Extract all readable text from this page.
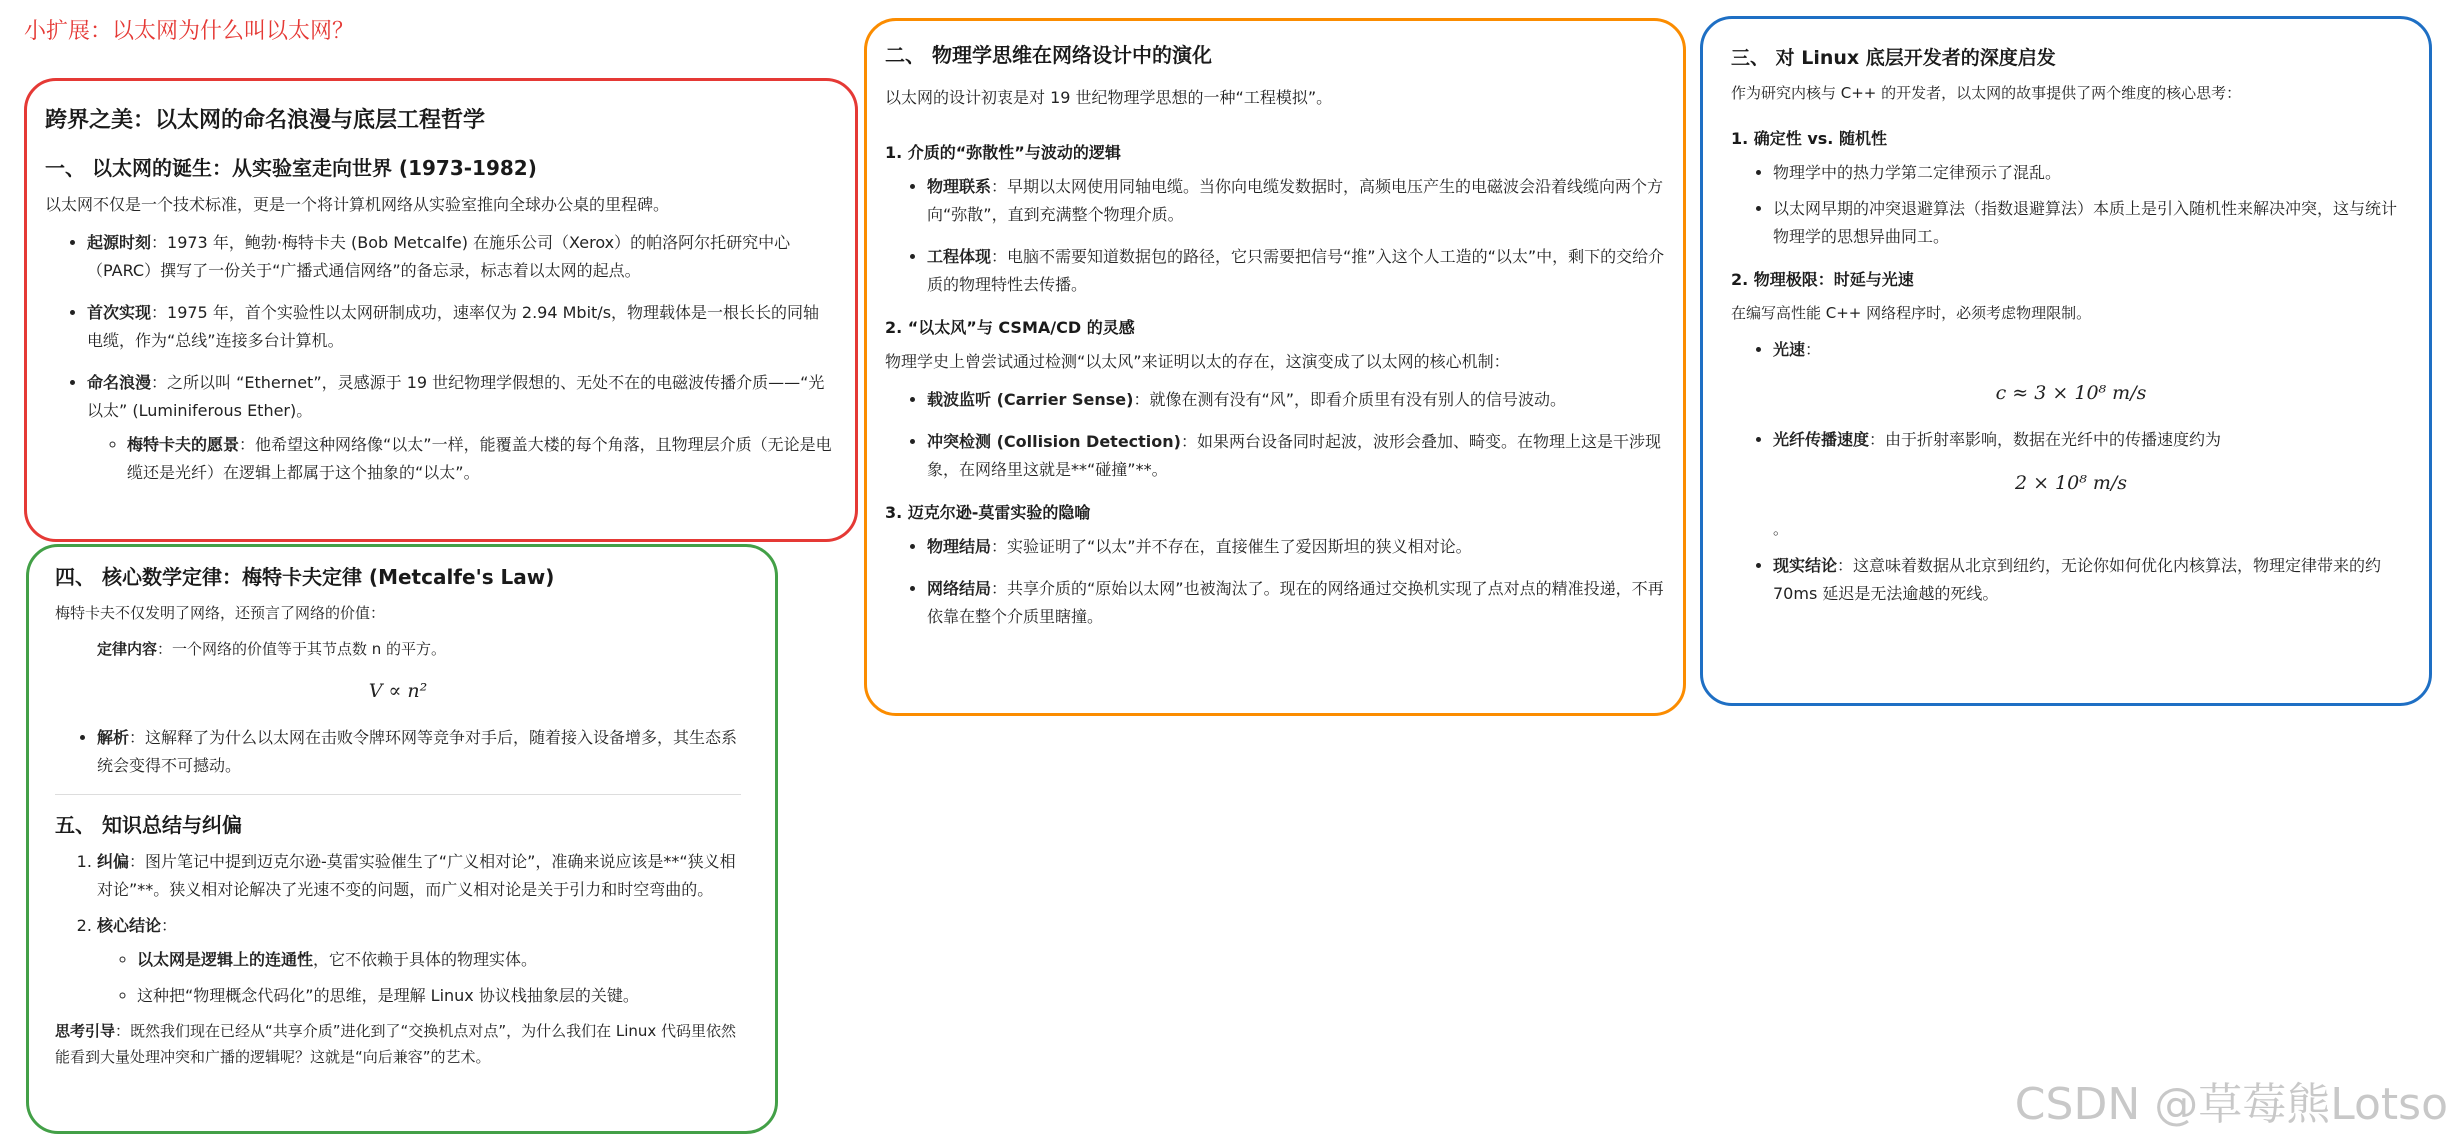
小扩展：以太网为什么叫以太网？
跨界之美：以太网的命名浪漫与底层工程哲学
一、 以太网的诞生：从实验室走向世界 (1973-1982)

以太网不仅是一个技术标准，更是一个将计算机网络从实验室推向全球办公桌的里程碑。

• 起源时刻：1973 年，鲍勃·梅特卡夫 (Bob Metcalfe) 在施乐公司（Xerox）的帕洛阿尔托研究中心（PARC）撰写了一份关于“广播式通信网络”的备忘录，标志着以太网的起点。
• 首次实现：1975 年，首个实验性以太网研制成功，速率仅为 2.94 Mbit/s，物理载体是一根长长的同轴电缆，作为“总线”连接多台计算机。
• 命名浪漫：之所以叫 “Ethernet”，灵感源于 19 世纪物理学假想的、无处不在的电磁波传播介质——“光以太” (Luminiferous Ether)。
◦ 梅特卡夫的愿景：他希望这种网络像“以太”一样，能覆盖大楼的每个角落，且物理层介质（无论是电缆还是光纤）在逻辑上都属于这个抽象的“以太”。
四、 核心数学定律：梅特卡夫定律 (Metcalfe's Law)

梅特卡夫不仅发明了网络，还预言了网络的价值：

定律内容：一个网络的价值等于其节点数 n 的平方。

V ∝ n²
• 解析：这解释了为什么以太网在击败令牌环网等竞争对手后，随着接入设备增多，其生态系统会变得不可撼动。
五、 知识总结与纠偏
1. 纠偏：图片笔记中提到迈克尔逊-莫雷实验催生了“广义相对论”，准确来说应该是**“狭义相对论”**。狭义相对论解决了光速不变的问题，而广义相对论是关于引力和时空弯曲的。
2. 核心结论：
◦ 以太网是逻辑上的连通性，它不依赖于具体的物理实体。
◦ 这种把“物理概念代码化”的思维，是理解 Linux 协议栈抽象层的关键。

思考引导：既然我们现在已经从“共享介质”进化到了“交换机点对点”，为什么我们在 Linux 代码里依然能看到大量处理冲突和广播的逻辑呢？这就是“向后兼容”的艺术。

二、 物理学思维在网络设计中的演化

以太网的设计初衷是对 19 世纪物理学思想的一种“工程模拟”。

1. 介质的“弥散性”与波动的逻辑
• 物理联系：早期以太网使用同轴电缆。当你向电缆发数据时，高频电压产生的电磁波会沿着线缆向两个方向“弥散”，直到充满整个物理介质。
• 工程体现：电脑不需要知道数据包的路径，它只需要把信号“推”入这个人工造的“以太”中，剩下的交给介质的物理特性去传播。
2. “以太风”与 CSMA/CD 的灵感

物理学史上曾尝试通过检测“以太风”来证明以太的存在，这演变成了以太网的核心机制：

• 载波监听 (Carrier Sense)：就像在测有没有“风”，即看介质里有没有别人的信号波动。
• 冲突检测 (Collision Detection)：如果两台设备同时起波，波形会叠加、畸变。在物理上这是干涉现象，在网络里这就是**“碰撞”**。
3. 迈克尔逊-莫雷实验的隐喻
• 物理结局：实验证明了“以太”并不存在，直接催生了爱因斯坦的狭义相对论。
• 网络结局：共享介质的“原始以太网”也被淘汰了。现在的网络通过交换机实现了点对点的精准投递，不再依靠在整个介质里瞎撞。
三、 对 Linux 底层开发者的深度启发

作为研究内核与 C++ 的开发者，以太网的故事提供了两个维度的核心思考：

1. 确定性 vs. 随机性
• 物理学中的热力学第二定律预示了混乱。
• 以太网早期的冲突退避算法（指数退避算法）本质上是引入随机性来解决冲突，这与统计物理学的思想异曲同工。
2. 物理极限：时延与光速

在编写高性能 C++ 网络程序时，必须考虑物理限制。

• 光速：
c ≈ 3 × 10⁸ m/s
• 光纤传播速度：由于折射率影响，数据在光纤中的传播速度约为
2 × 10⁸ m/s

。

• 现实结论：这意味着数据从北京到纽约，无论你如何优化内核算法，物理定律带来的约 70ms 延迟是无法逾越的死线。
CSDN @草莓熊Lotso
